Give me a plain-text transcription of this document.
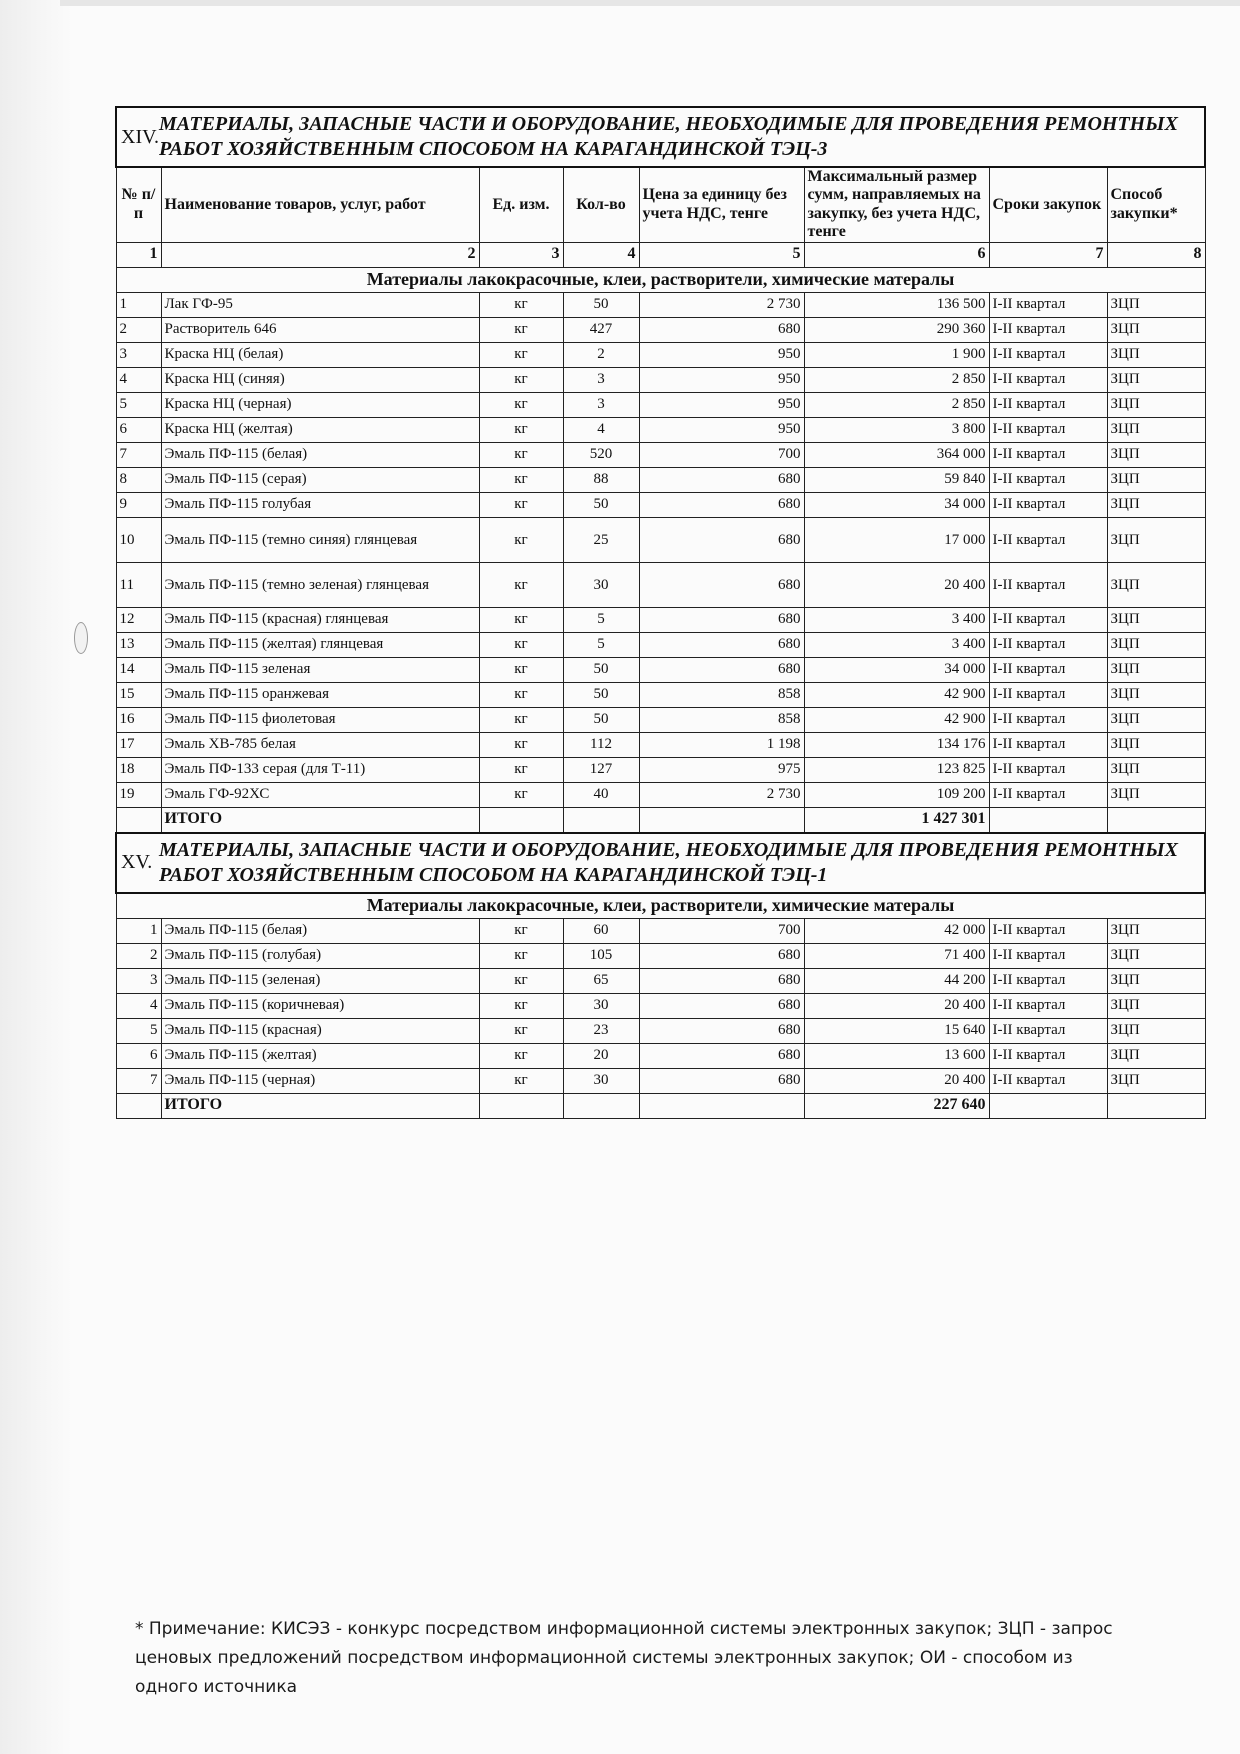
XIV.МАТЕРИАЛЫ, ЗАПАСНЫЕ ЧАСТИ И ОБОРУДОВАНИЕ, НЕОБХОДИМЫЕ ДЛЯ ПРОВЕДЕНИЯ РЕМОНТНЫХ РАБОТ ХОЗЯЙСТВЕННЫМ СПОСОБОМ НА КАРАГАНДИНСКОЙ ТЭЦ-3							
№ п/п	Наименование товаров, услуг, работ	Ед. изм.	Кол-во	Цена за единицу без учета НДС, тенге	Максимальный размер сумм, направляемых на закупку, без учета НДС, тенге	Сроки закупок	Способ закупки*
1	2	3	4	5	6	7	8
Материалы лакокрасочные, клеи, растворители, химические матералы							
1	Лак ГФ-95	кг	50	2 730	136 500	I-II квартал	ЗЦП
2	Растворитель 646	кг	427	680	290 360	I-II квартал	ЗЦП
3	Краска НЦ (белая)	кг	2	950	1 900	I-II квартал	ЗЦП
4	Краска НЦ (синяя)	кг	3	950	2 850	I-II квартал	ЗЦП
5	Краска НЦ (черная)	кг	3	950	2 850	I-II квартал	ЗЦП
6	Краска НЦ (желтая)	кг	4	950	3 800	I-II квартал	ЗЦП
7	Эмаль ПФ-115 (белая)	кг	520	700	364 000	I-II квартал	ЗЦП
8	Эмаль ПФ-115 (серая)	кг	88	680	59 840	I-II квартал	ЗЦП
9	Эмаль ПФ-115 голубая	кг	50	680	34 000	I-II квартал	ЗЦП
10	Эмаль ПФ-115 (темно синяя) глянцевая	кг	25	680	17 000	I-II квартал	ЗЦП
11	Эмаль ПФ-115 (темно зеленая) глянцевая	кг	30	680	20 400	I-II квартал	ЗЦП
12	Эмаль ПФ-115 (красная) глянцевая	кг	5	680	3 400	I-II квартал	ЗЦП
13	Эмаль ПФ-115 (желтая) глянцевая	кг	5	680	3 400	I-II квартал	ЗЦП
14	Эмаль ПФ-115 зеленая	кг	50	680	34 000	I-II квартал	ЗЦП
15	Эмаль ПФ-115 оранжевая	кг	50	858	42 900	I-II квартал	ЗЦП
16	Эмаль ПФ-115 фиолетовая	кг	50	858	42 900	I-II квартал	ЗЦП
17	Эмаль ХВ-785 белая	кг	112	1 198	134 176	I-II квартал	ЗЦП
18	Эмаль ПФ-133 серая (для Т-11)	кг	127	975	123 825	I-II квартал	ЗЦП
19	Эмаль ГФ-92ХС	кг	40	2 730	109 200	I-II квартал	ЗЦП
	ИТОГО				1 427 301		
XV.МАТЕРИАЛЫ, ЗАПАСНЫЕ ЧАСТИ И ОБОРУДОВАНИЕ, НЕОБХОДИМЫЕ ДЛЯ ПРОВЕДЕНИЯ РЕМОНТНЫХ РАБОТ ХОЗЯЙСТВЕННЫМ СПОСОБОМ НА КАРАГАНДИНСКОЙ ТЭЦ-1							
Материалы лакокрасочные, клеи, растворители, химические матералы							
1	Эмаль ПФ-115 (белая)	кг	60	700	42 000	I-II квартал	ЗЦП
2	Эмаль ПФ-115 (голубая)	кг	105	680	71 400	I-II квартал	ЗЦП
3	Эмаль ПФ-115 (зеленая)	кг	65	680	44 200	I-II квартал	ЗЦП
4	Эмаль ПФ-115 (коричневая)	кг	30	680	20 400	I-II квартал	ЗЦП
5	Эмаль ПФ-115 (красная)	кг	23	680	15 640	I-II квартал	ЗЦП
6	Эмаль ПФ-115 (желтая)	кг	20	680	13 600	I-II квартал	ЗЦП
7	Эмаль ПФ-115 (черная)	кг	30	680	20 400	I-II квартал	ЗЦП
	ИТОГО				227 640		
* Примечание: КИСЭЗ - конкурс посредством информационной системы электронных закупок; ЗЦП - запрос ценовых предложений посредством информационной системы электронных закупок; ОИ - способом из одного источника
